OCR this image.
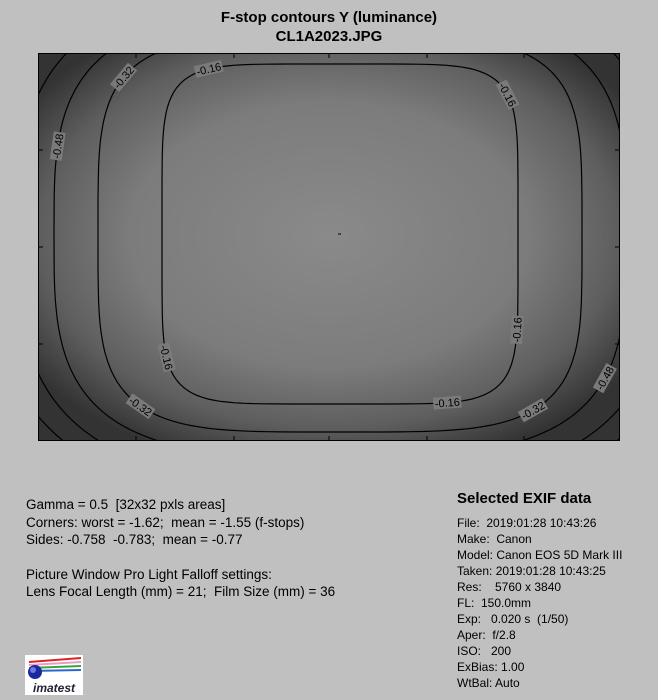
F-stop contours Y (luminance)
CL1A2023.JPG
-0.16
-0.16
-0.16
-0.16
-0.16
-0.32
-0.32
-0.32
-0.48
-0.48
Gamma = 0.5  [32x32 pxls areas]
Corners: worst = -1.62;  mean = -1.55 (f-stops)
Sides: -0.758  -0.783;  mean = -0.77
Picture Window Pro Light Falloff settings:
Lens Focal Length (mm) = 21;  Film Size (mm) = 36
Selected EXIF data
File:  2019:01:28 10:43:26
Make:  Canon
Model: Canon EOS 5D Mark III
Taken: 2019:01:28 10:43:25
Res:    5760 x 3840
FL:  150.0mm
Exp:   0.020 s  (1/50)
Aper:  f/2.8
ISO:   200
ExBias: 1.00
WtBal: Auto
imatest
